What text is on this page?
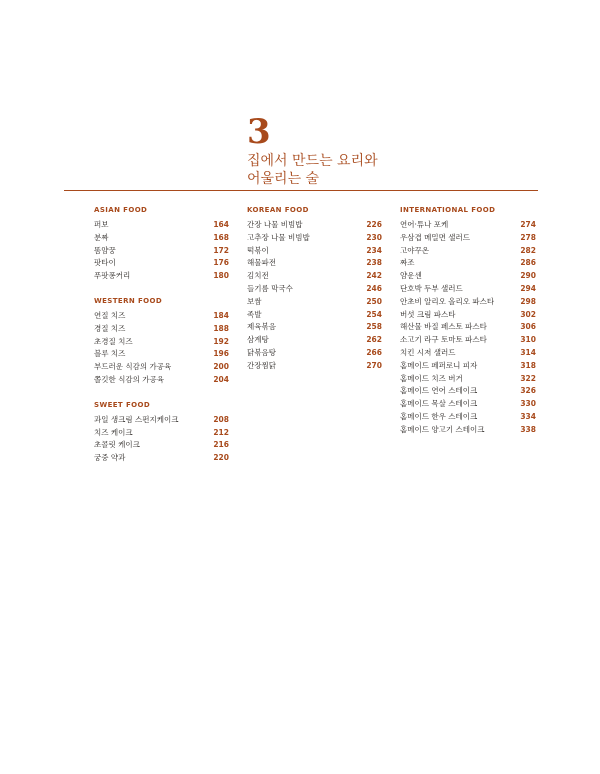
3
집에서 만드는 요리와
어울리는 술
ASIAN FOOD
퍼보	164
분짜	168
똠얌꿍	172
팟타이	176
푸팟퐁커리	180
WESTERN FOOD
연질 치즈	184
경질 치즈	188
초경질 치즈	192
블루 치즈	196
부드러운 식감의 가공육	200
쫄깃한 식감의 가공육	204
SWEET FOOD
과일 생크림 스펀지케이크	208
치즈 케이크	212
초콜릿 케이크	216
궁중 약과	220
KOREAN FOOD
간장 나물 비빔밥	226
고추장 나물 비빔밥	230
떡볶이	234
해물파전	238
김치전	242
들기름 막국수	246
보쌈	250
족발	254
제육볶음	258
삼계탕	262
닭볶음탕	266
간장찜닭	270
INTERNATIONAL FOOD
연어·튜나 포케	274
우삼겹 메밀면 샐러드	278
고야꾸온	282
짜조	286
얌운센	290
단호박 두부 샐러드	294
안초비 알리오 올리오 파스타	298
버섯 크림 파스타	302
해산물 바질 페스토 파스타	306
소고기 라구 토마토 파스타	310
치킨 시저 샐러드	314
홈메이드 페퍼로니 피자	318
홈메이드 치즈 버거	322
홈메이드 연어 스테이크	326
홈메이드 목살 스테이크	330
홈메이드 한우 스테이크	334
홈메이드 양고기 스테이크	338
